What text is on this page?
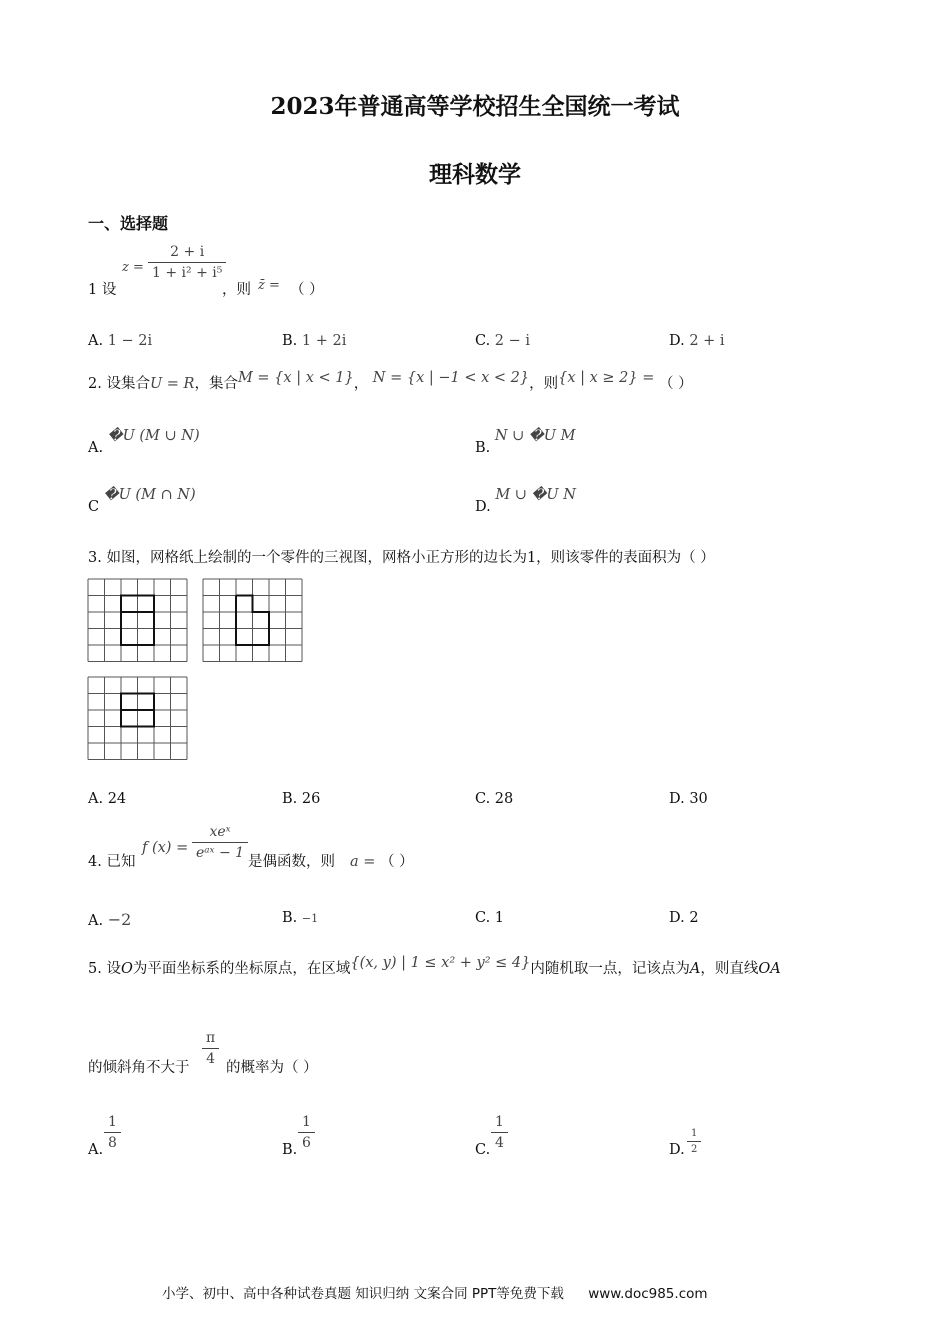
2023年普通高等学校招生全国统一考试
理科数学
一、选择题
1 设
$z = \frac{2 + i}{\text{1 + i² + i⁵}}$
，则 z̄ = （ ）
A. 1 − 2i	B. 1 + 2i	C. 2 − i	D. 2 + i
2. 设集合U = R，集合M = {x | x < 1}， N = {x | −1 < x < 2}，则{x | x ≥ 2} = （ ）
A. �U (M ∪ N)
B. N ∪ �U M
C �U (M ∩ N)
D. M ∪ �U N
3. 如图，网格纸上绘制的一个零件的三视图，网格小正方形的边长为1，则该零件的表面积为（ ）
A. 24	B. 26	C. 28	D. 30
4. 已知
f (x) =
xeˣ
eᵃˣ − 1
是偶函数，则 a = （ ）
A. −2	B. −1	C. 1	D. 2
5. 设O为平面坐标系的坐标原点，在区域{(x, y) | 1 ≤ x² + y² ≤ 4}内随机取一点，记该点为A，则直线OA
的倾斜角不大于
$\frac{\pi}{4}$
的概率为（ ）
A. $\frac{1}{8}$	B. $\frac{1}{6}$	C. $\frac{1}{4}$	D. $\frac{1}{2}$
小学、初中、高中各种试卷真题 知识归纳 文案合同 PPT等免费下载 www.doc985.com
